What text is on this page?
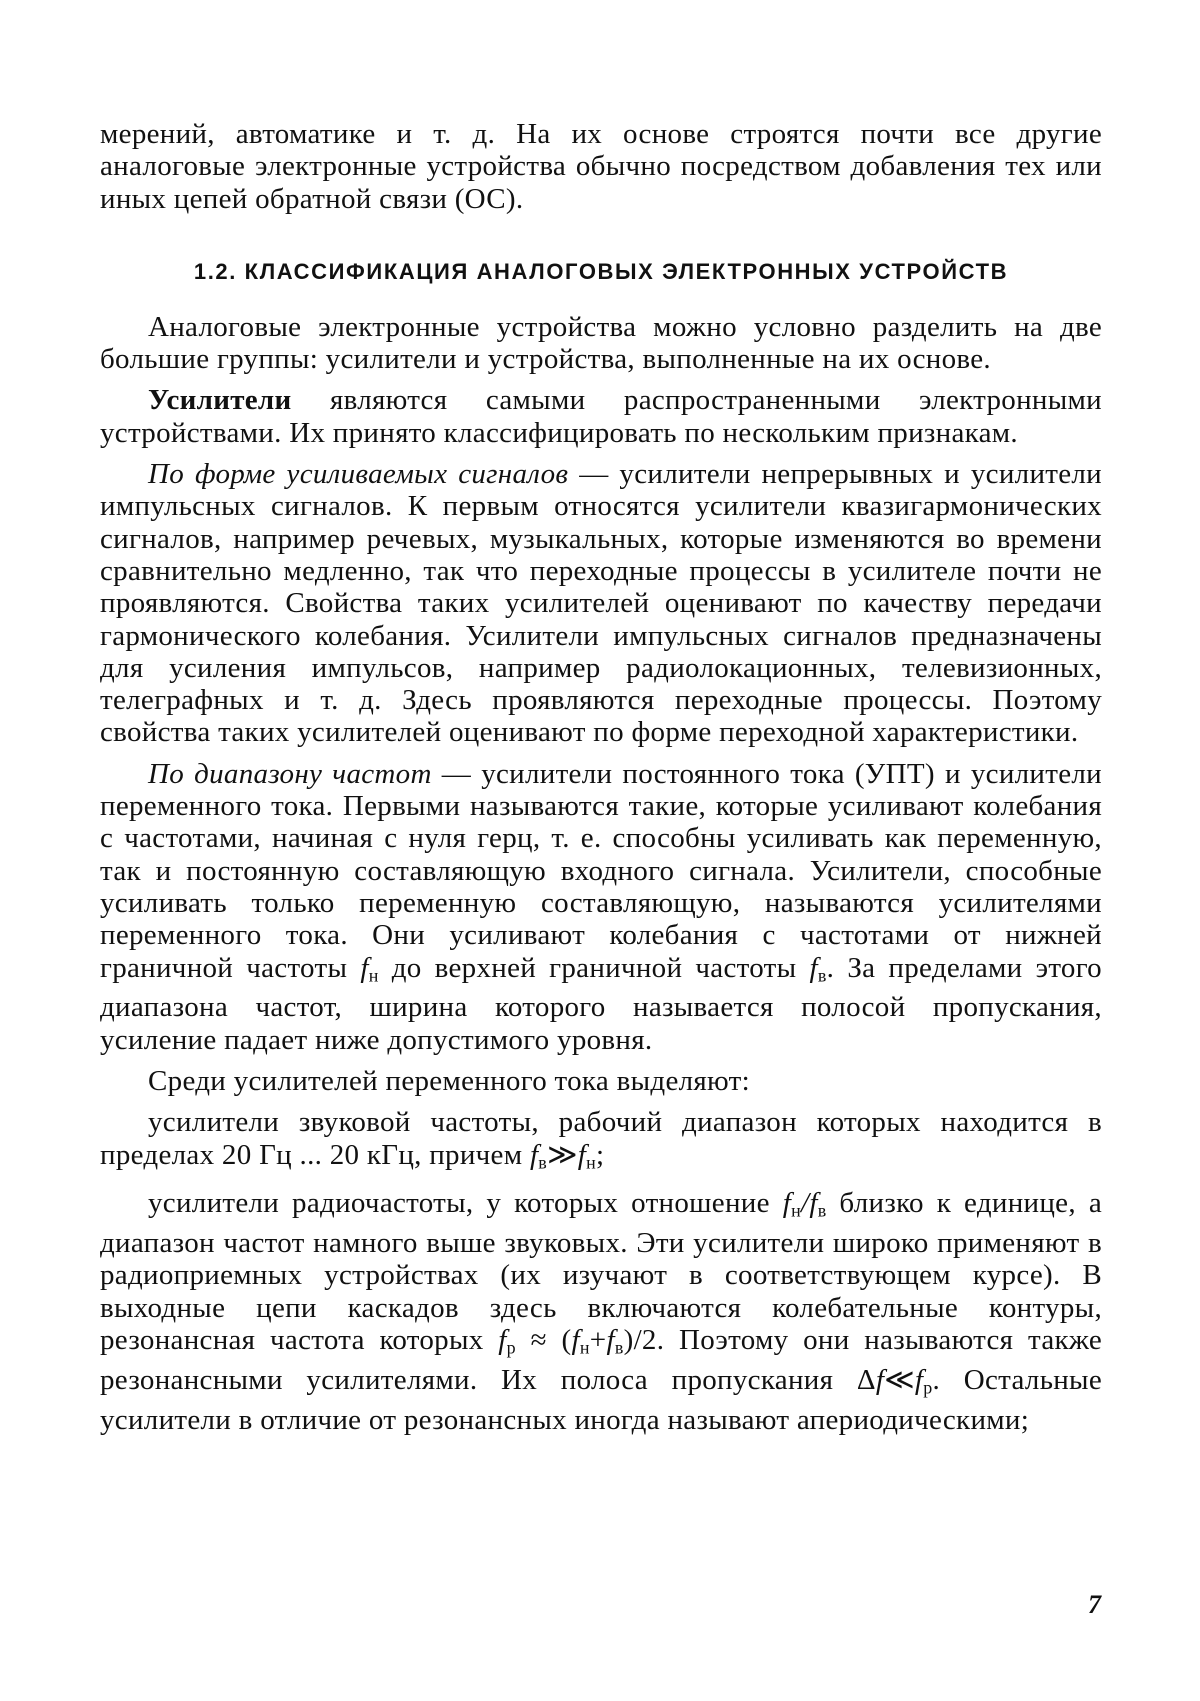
мерений, автоматике и т. д. На их основе строятся почти все другие аналоговые электронные устройства обычно посредством добавления тех или иных цепей обратной связи (ОС).

1.2. КЛАССИФИКАЦИЯ АНАЛОГОВЫХ ЭЛЕКТРОННЫХ УСТРОЙСТВ

Аналоговые электронные устройства можно условно разделить на две большие группы: усилители и устройства, выполненные на их основе.

Усилители являются самыми распространенными электронными устройствами. Их принято классифицировать по нескольким признакам.

По форме усиливаемых сигналов — усилители непрерывных и усилители импульсных сигналов. К первым относятся усилители квазигармонических сигналов, например речевых, музыкальных, которые изменяются во времени сравнительно медленно, так что переходные процессы в усилителе почти не проявляются. Свойства таких усилителей оценивают по качеству передачи гармонического колебания. Усилители импульсных сигналов предназначены для усиления импульсов, например радиолокационных, телевизионных, телеграфных и т. д. Здесь проявляются переходные процессы. Поэтому свойства таких усилителей оценивают по форме переходной характеристики.

По диапазону частот — усилители постоянного тока (УПТ) и усилители переменного тока. Первыми называются такие, которые усиливают колебания с частотами, начиная с нуля герц, т. е. способны усиливать как переменную, так и постоянную составляющую входного сигнала. Усилители, способные усиливать только переменную составляющую, называются усилителями переменного тока. Они усиливают колебания с частотами от нижней граничной частоты $f_н$ до верхней граничной частоты $f_в$. За пределами этого диапазона частот, ширина которого называется полосой пропускания, усиление падает ниже допустимого уровня.

Среди усилителей переменного тока выделяют:

усилители звуковой частоты, рабочий диапазон которых находится в пределах 20 Гц ... 20 кГц, причем $f_в≫f_н$;

усилители радиочастоты, у которых отношение $f_н/f_в$ близко к единице, а диапазон частот намного выше звуковых. Эти усилители широко применяют в радиоприемных устройствах (их изучают в соответствующем курсе). В выходные цепи каскадов здесь включаются колебательные контуры, резонансная частота которых $f_р \approx (f_н+f_в)/2$. Поэтому они называются также резонансными усилителями. Их полоса пропускания $\Delta f≪f_р$. Остальные усилители в отличие от резонансных иногда называют апериодическими;

7
